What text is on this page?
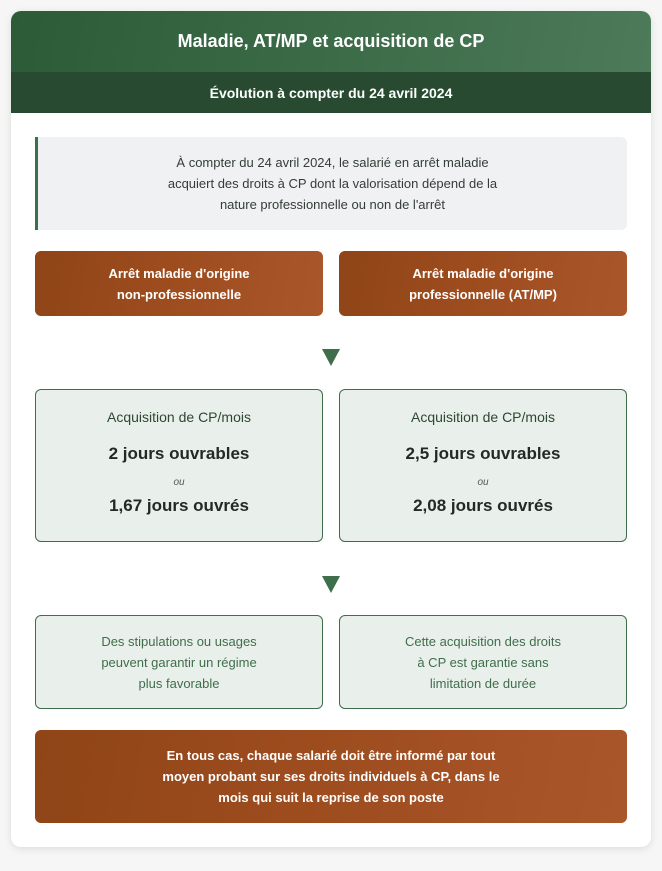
Maladie, AT/MP et acquisition de CP
Évolution à compter du 24 avril 2024
À compter du 24 avril 2024, le salarié en arrêt maladie acquiert des droits à CP dont la valorisation dépend de la nature professionnelle ou non de l'arrêt
Arrêt maladie d'origine
non-professionnelle
Arrêt maladie d'origine
professionnelle (AT/MP)
Acquisition de CP/mois
2 jours ouvrables
ou
1,67 jours ouvrés
Acquisition de CP/mois
2,5 jours ouvrables
ou
2,08 jours ouvrés
Des stipulations ou usages peuvent garantir un régime plus favorable
Cette acquisition des droits à CP est garantie sans limitation de durée
En tous cas, chaque salarié doit être informé par tout moyen probant sur ses droits individuels à CP, dans le mois qui suit la reprise de son poste
